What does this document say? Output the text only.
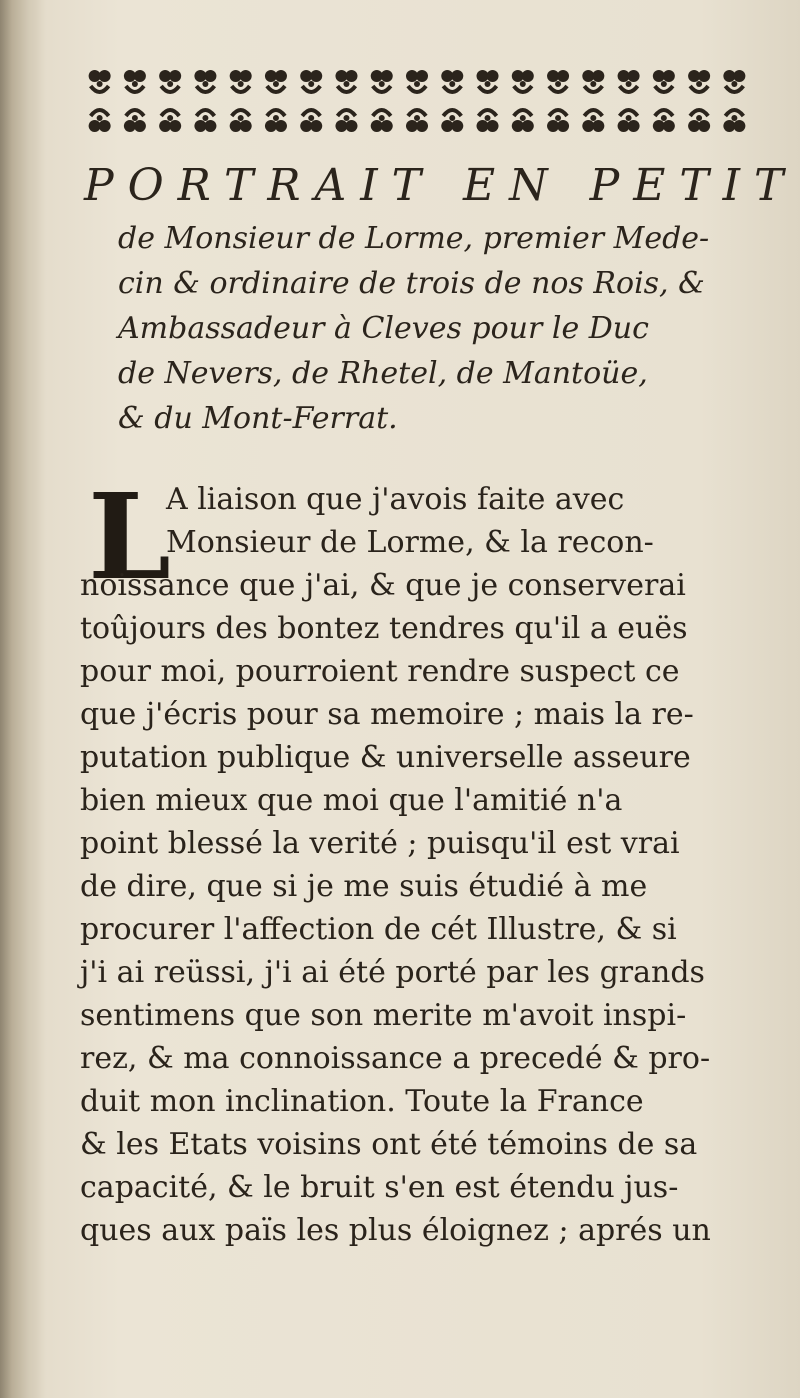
PORTRAIT EN PETIT
de Monsieur de Lorme, premier Mede-
cin & ordinaire de trois de nos Rois, &
Ambassadeur à Cleves pour le Duc
de Nevers, de Rhetel, de Mantoüe,
& du Mont-Ferrat.
L
A liaison que j'avois faite avec
Monsieur de Lorme, & la recon-
noissance que j'ai, & que je conserverai
toûjours des bontez tendres qu'il a euës
pour moi, pourroient rendre suspect ce
que j'écris pour sa memoire ; mais la re-
putation publique & universelle asseure
bien mieux que moi que l'amitié n'a
point blessé la verité ; puisqu'il est vrai
de dire, que si je me suis étudié à me
procurer l'affection de cét Illustre, & si
j'i ai reüssi, j'i ai été porté par les grands
sentimens que son merite m'avoit inspi-
rez, & ma connoissance a precedé & pro-
duit mon inclination. Toute la France
& les Etats voisins ont été témoins de sa
capacité, & le bruit s'en est étendu jus-
ques aux païs les plus éloignez ; aprés un
